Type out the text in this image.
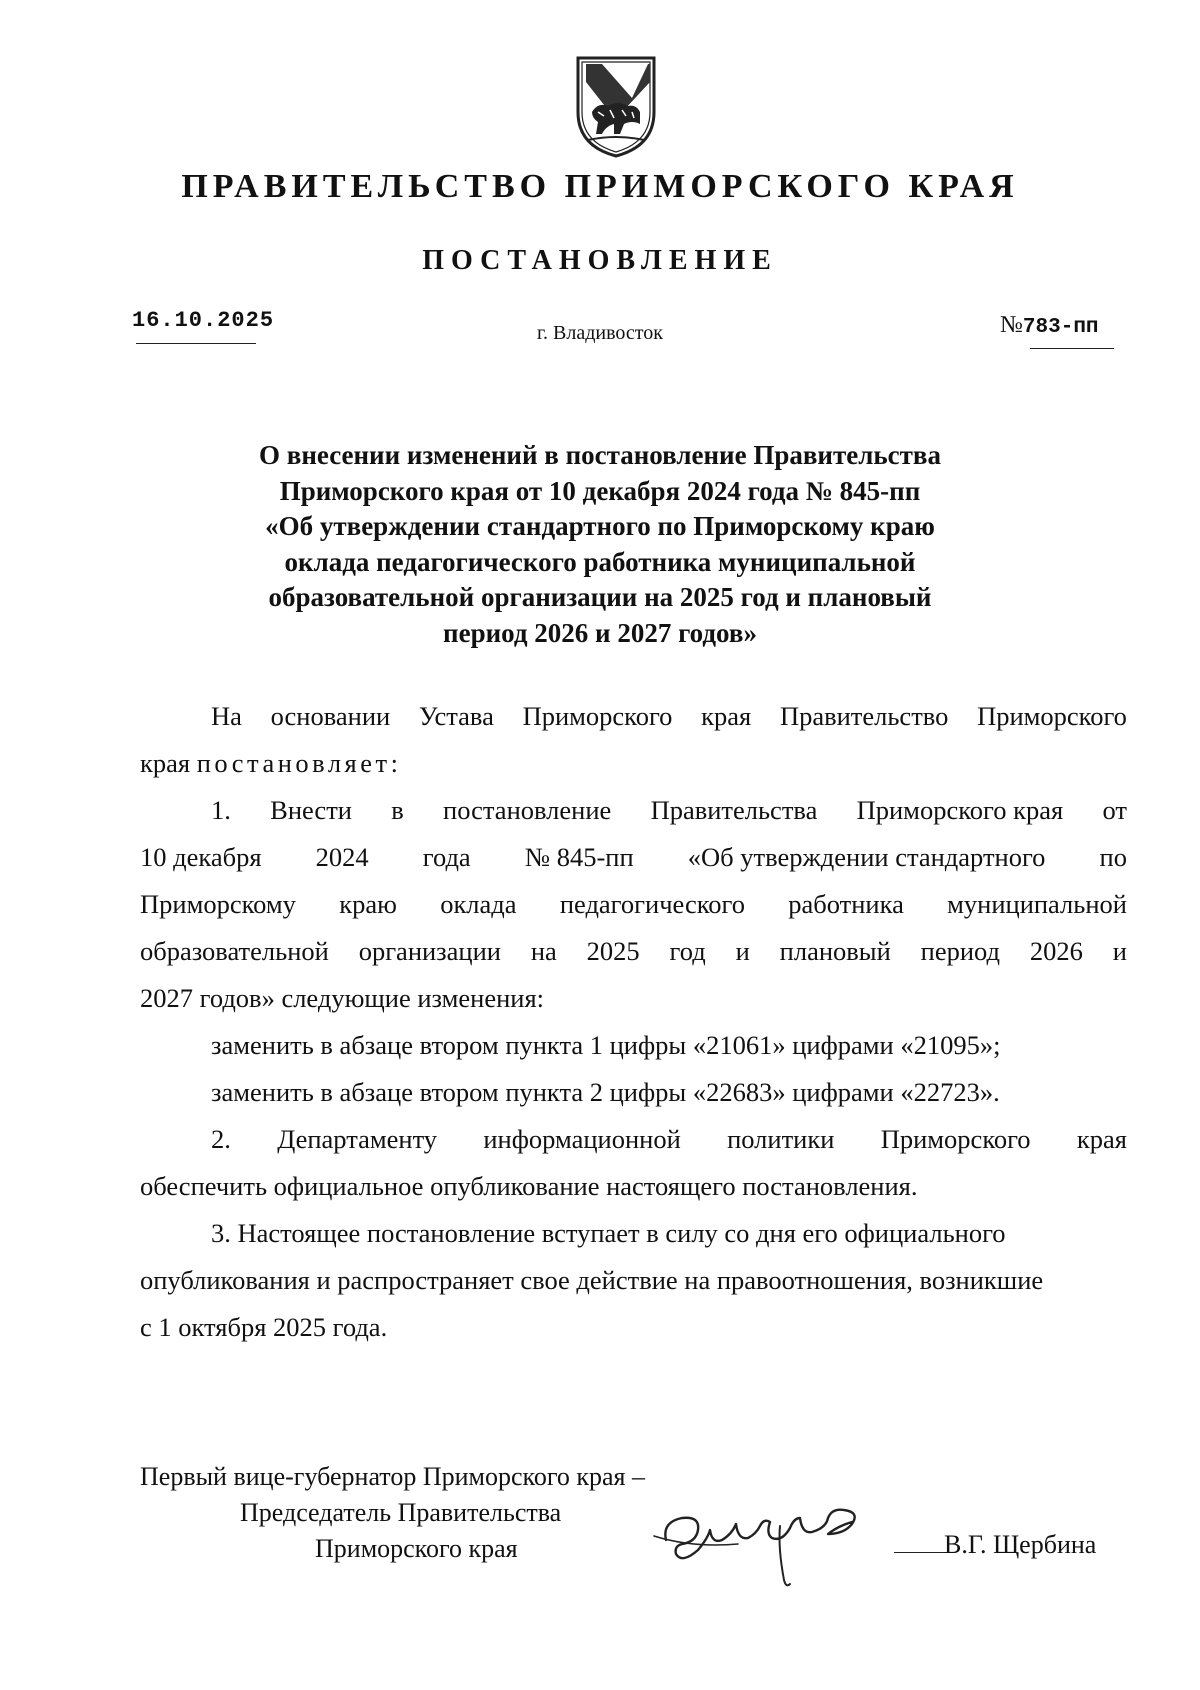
ПРАВИТЕЛЬСТВО ПРИМОРСКОГО КРАЯ
ПОСТАНОВЛЕНИЕ
16.10.2025	г. Владивосток	№783-пп
О внесении изменений в постановление Правительства
Приморского края от 10 декабря 2024 года № 845-пп
«Об утверждении стандартного по Приморскому краю
оклада педагогического работника муниципальной
образовательной организации на 2025 год и плановый
период 2026 и 2027 годов»
На основании Устава Приморского края Правительство Приморского
края
постановляет:
1. Внести в постановление Правительства Приморского края от
10 декабря 2024 года № 845-пп «Об утверждении стандартного по
Приморскому краю оклада педагогического работника муниципальной
образовательной организации на 2025 год и плановый период 2026 и
2027 годов» следующие изменения:
заменить в абзаце втором пункта 1 цифры «21061» цифрами «21095»;
заменить в абзаце втором пункта 2 цифры «22683» цифрами «22723».
2. Департаменту информационной политики Приморского края
обеспечить официальное опубликование настоящего постановления.
3. Настоящее постановление вступает в силу со дня его официального
опубликования и распространяет свое действие на правоотношения, возникшие
с 1 октября 2025 года.
Первый вице-губернатор Приморского края –
Председатель Правительства
Приморского края	В.Г. Щербина
